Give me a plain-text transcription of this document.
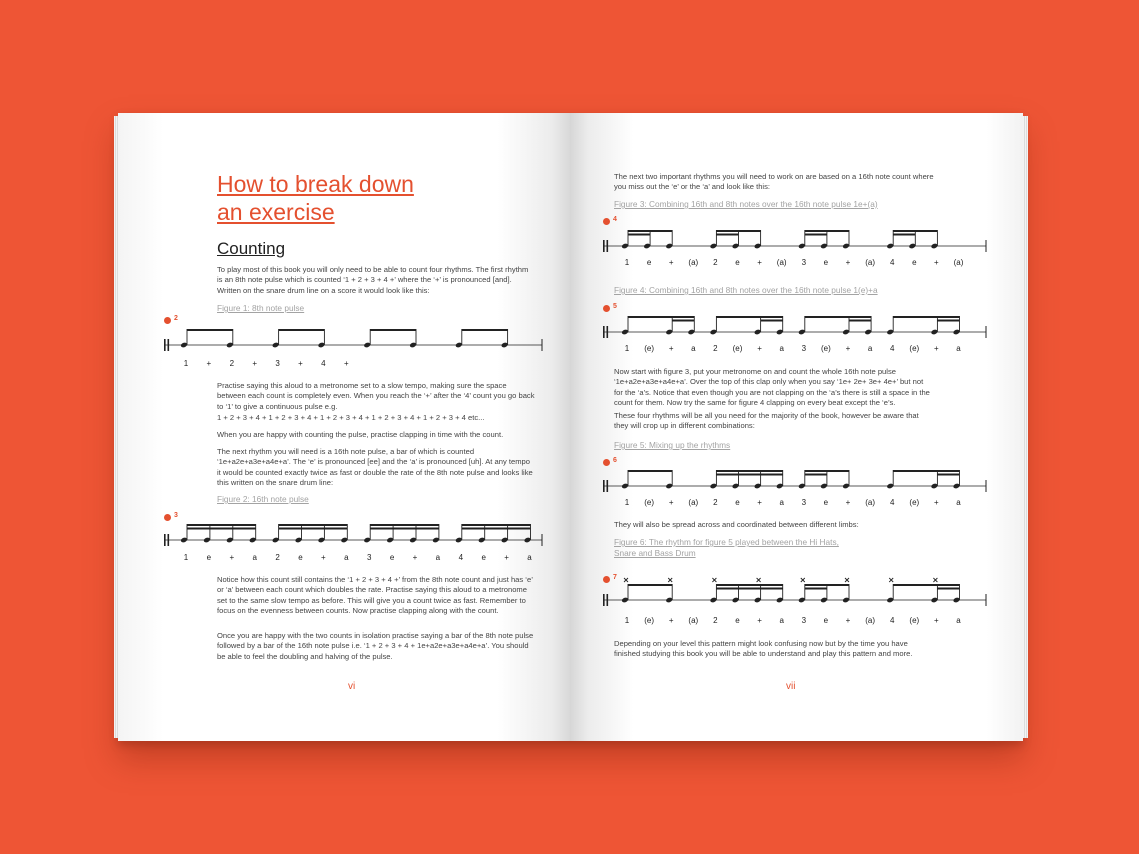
How to break down
an exercise
Counting
To play most of this book you will only need to be able to count four rhythms. The first rhythm is an 8th note pulse which is counted ‘1 + 2 + 3 + 4 +’ where the ‘+’ is pronounced [and]. Written on the snare drum line on a score it would look like this:
Figure 1: 8th note pulse
2
Practise saying this aloud to a metronome set to a slow tempo, making sure the space between each count is completely even. When you reach the ‘+’ after the ‘4’ count you go back to ‘1’ to give a continuous pulse e.g.
1 + 2 + 3 + 4 + 1 + 2 + 3 + 4 + 1 + 2 + 3 + 4 + 1 + 2 + 3 + 4 + 1 + 2 + 3 + 4 etc...
When you are happy with counting the pulse, practise clapping in time with the count.
The next rhythm you will need is a 16th note pulse, a bar of which is counted ‘1e+a2e+a3e+a4e+a’. The ‘e’ is pronounced [ee] and the ‘a’ is pronounced [uh]. At any tempo it would be counted exactly twice as fast or double the rate of the 8th note pulse and looks like this written on the snare drum line:
Figure 2: 16th note pulse
3
Notice how this count still contains the ‘1 + 2 + 3 + 4 +’ from the 8th note count and just has ‘e’ or ‘a’ between each count which doubles the rate. Practise saying this aloud to a metronome set to the same slow tempo as before. This will give you a count twice as fast. Remember to focus on the evenness between counts. Now practise clapping along with the count.
Once you are happy with the two counts in isolation practise saying a bar of the 8th note pulse followed by a bar of the 16th note pulse i.e. ‘1 + 2 + 3 + 4 + 1e+a2e+a3e+a4e+a’. You should be able to feel the doubling and halving of the pulse.
vi
1 + 2 + 3 + 4 +
1 e + a 2 e + a 3 e + a 4 e + a
The next two important rhythms you will need to work on are based on a 16th note count where you miss out the ‘e’ or the ‘a’ and look like this:
Figure 3: Combining 16th and 8th notes over the 16th note pulse 1e+(a)
4
Figure 4: Combining 16th and 8th notes over the 16th note pulse 1(e)+a
5
Now start with figure 3, put your metronome on and count the whole 16th note pulse ‘1e+a2e+a3e+a4e+a’. Over the top of this clap only when you say ‘1e+ 2e+ 3e+ 4e+’ but not for the ‘a’s. Notice that even though you are not clapping on the ‘a’s there is still a space in the count for them. Now try the same for figure 4 clapping on every beat except the ‘e’s.
These four rhythms will be all you need for the majority of the book, however be aware that they will crop up in different combinations:
Figure 5: Mixing up the rhythms
6
They will also be spread across and coordinated between different limbs:
Figure 6: The rhythm for figure 5 played between the Hi Hats,
Snare and Bass Drum
7
Depending on your level this pattern might look confusing now but by the time you have finished studying this book you will be able to understand and play this pattern and more.
vii
1 e + (a) 2 e + (a) 3 e + (a) 4 e + (a)
1 (e) + a 2 (e) + a 3 (e) + a 4 (e) + a
1 (e) + (a) 2 e + a 3 e + (a) 4 (e) + a
1 (e) + (a) 2 e + a 3 e + (a) 4 (e) + a
